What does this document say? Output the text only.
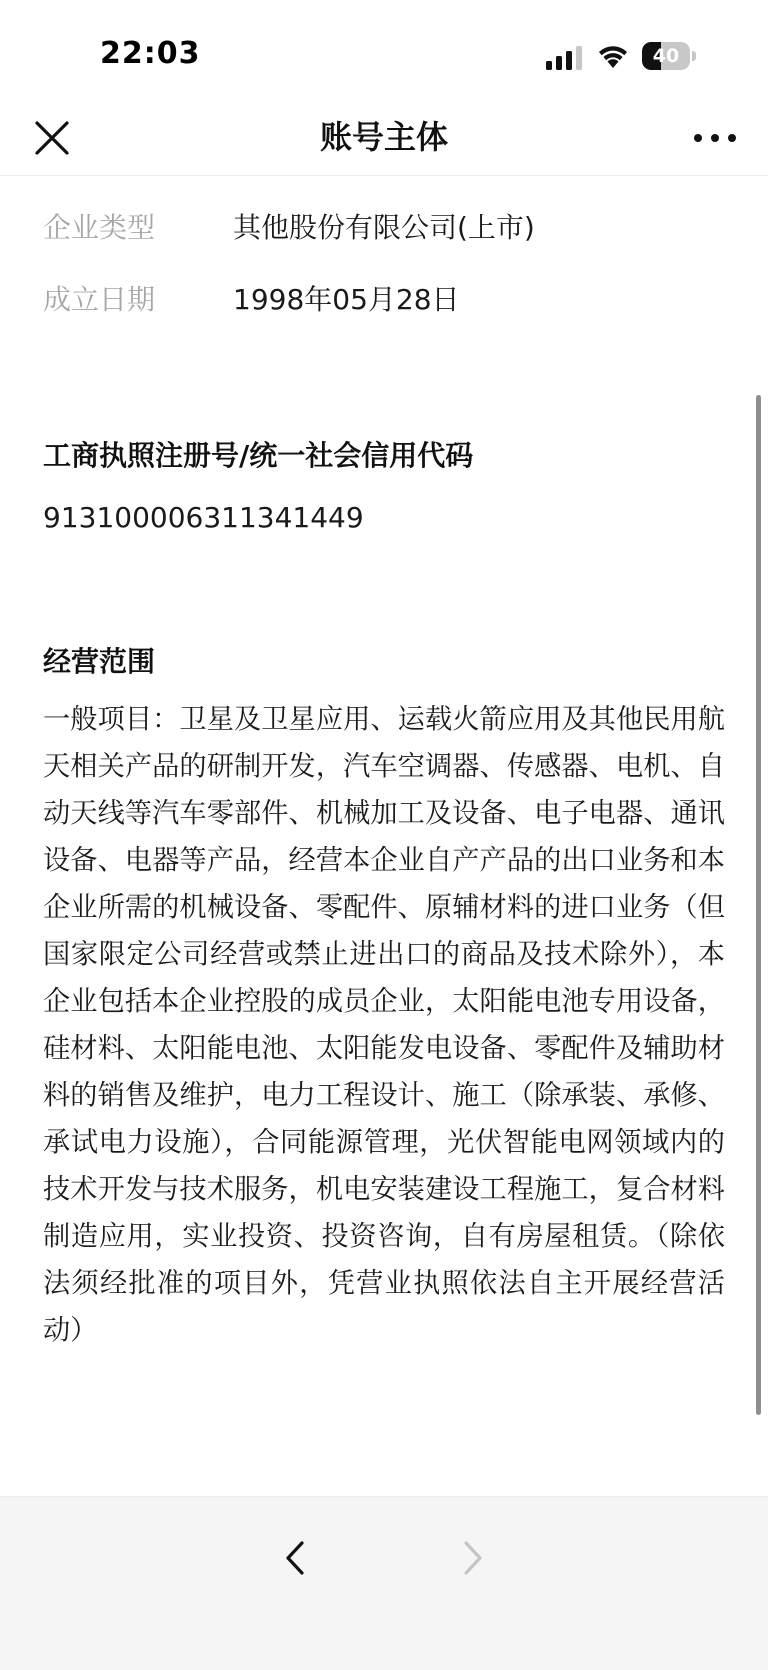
22:03	40
账号主体
企业类型	其他股份有限公司(上市)
成立日期	1998年05月28日
工商执照注册号/统一社会信用代码
913100006311341449
经营范围
一般项目：卫星及卫星应用、运载火箭应用及其他民用航天相关产品的研制开发，汽车空调器、传感器、电机、自动天线等汽车零部件、机械加工及设备、电子电器、通讯设备、电器等产品，经营本企业自产产品的出口业务和本企业所需的机械设备、零配件、原辅材料的进口业务（但国家限定公司经营或禁止进出口的商品及技术除外），本企业包括本企业控股的成员企业，太阳能电池专用设备，硅材料、太阳能电池、太阳能发电设备、零配件及辅助材料的销售及维护，电力工程设计、施工（除承装、承修、承试电力设施），合同能源管理，光伏智能电网领域内的技术开发与技术服务，机电安装建设工程施工，复合材料制造应用，实业投资、投资咨询，自有房屋租赁。（除依法须经批准的项目外，凭营业执照依法自主开展经营活动）
